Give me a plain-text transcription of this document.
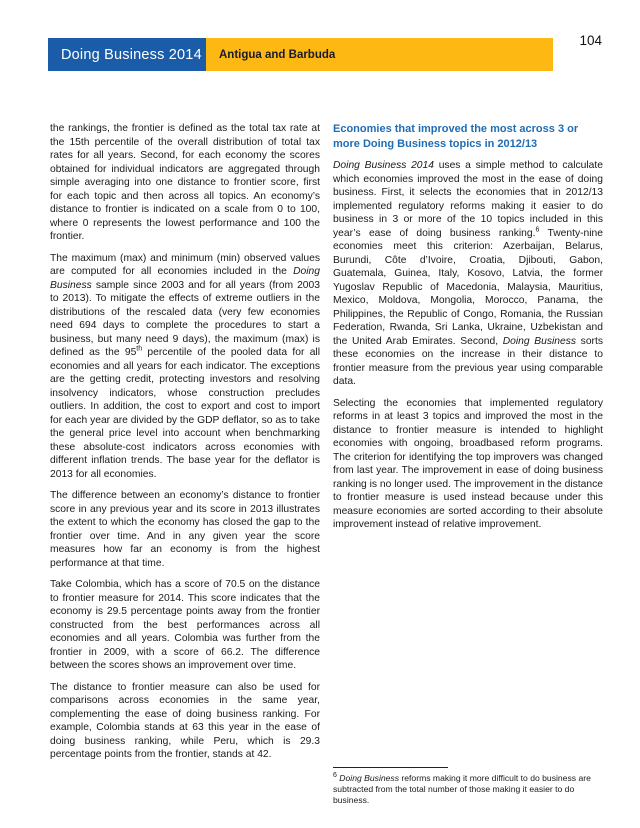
104
Doing Business 2014	Antigua and Barbuda

the rankings, the frontier is defined as the total tax rate at the 15th percentile of the overall distribution of total tax rates for all years. Second, for each economy the scores obtained for individual indicators are aggregated through simple averaging into one distance to frontier score, first for each topic and then across all topics. An economy’s distance to frontier is indicated on a scale from 0 to 100, where 0 represents the lowest performance and 100 the frontier.

The maximum (max) and minimum (min) observed values are computed for all economies included in the Doing Business sample since 2003 and for all years (from 2003 to 2013). To mitigate the effects of extreme outliers in the distributions of the rescaled data (very few economies need 694 days to complete the procedures to start a business, but many need 9 days), the maximum (max) is defined as the 95th percentile of the pooled data for all economies and all years for each indicator. The exceptions are the getting credit, protecting investors and resolving insolvency indicators, whose construction precludes outliers. In addition, the cost to export and cost to import for each year are divided by the GDP deflator, so as to take the general price level into account when benchmarking these absolute-cost indicators across economies with different inflation trends. The base year for the deflator is 2013 for all economies.

The difference between an economy’s distance to frontier score in any previous year and its score in 2013 illustrates the extent to which the economy has closed the gap to the frontier over time. And in any given year the score measures how far an economy is from the highest performance at that time.

Take Colombia, which has a score of 70.5 on the distance to frontier measure for 2014. This score indicates that the economy is 29.5 percentage points away from the frontier constructed from the best performances across all economies and all years. Colombia was further from the frontier in 2009, with a score of 66.2. The difference between the scores shows an improvement over time.

The distance to frontier measure can also be used for comparisons across economies in the same year, complementing the ease of doing business ranking. For example, Colombia stands at 63 this year in the ease of doing business ranking, while Peru, which is 29.3 percentage points from the frontier, stands at 42.

Economies that improved the most across 3 or more Doing Business topics in 2012/13

Doing Business 2014 uses a simple method to calculate which economies improved the most in the ease of doing business. First, it selects the economies that in 2012/13 implemented regulatory reforms making it easier to do business in 3 or more of the 10 topics included in this year’s ease of doing business ranking.$^6$ Twenty-nine economies meet this criterion: Azerbaijan, Belarus, Burundi, Côte d’Ivoire, Croatia, Djibouti, Gabon, Guatemala, Guinea, Italy, Kosovo, Latvia, the former Yugoslav Republic of Macedonia, Malaysia, Mauritius, Mexico, Moldova, Mongolia, Morocco, Panama, the Philippines, the Republic of Congo, Romania, the Russian Federation, Rwanda, Sri Lanka, Ukraine, Uzbekistan and the United Arab Emirates. Second, Doing Business sorts these economies on the increase in their distance to frontier measure from the previous year using comparable data.

Selecting the economies that implemented regulatory reforms in at least 3 topics and improved the most in the distance to frontier measure is intended to highlight economies with ongoing, broadbased reform programs. The criterion for identifying the top improvers was changed from last year. The improvement in ease of doing business ranking is no longer used. The improvement in the distance to frontier measure is used instead because under this measure economies are sorted according to their absolute improvement instead of relative improvement.

$^6$ Doing Business reforms making it more difficult to do business are subtracted from the total number of those making it easier to do business.
